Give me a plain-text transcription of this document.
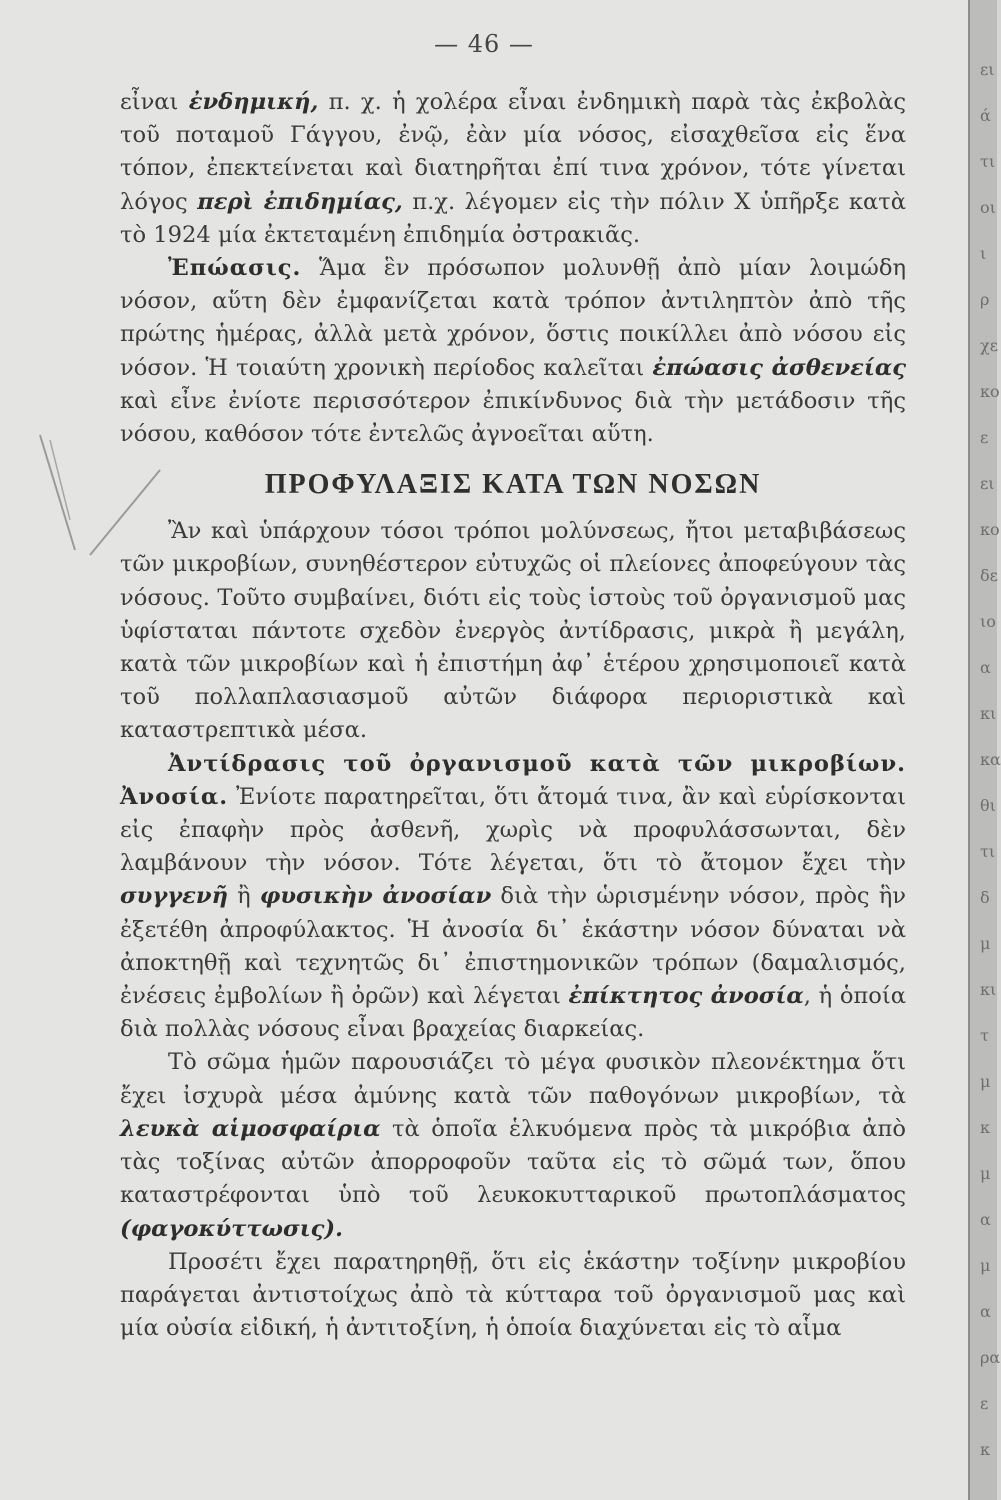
— 46 —

εἶναι ἐνδημική, π. χ. ἡ χολέρα εἶναι ἐνδημικὴ παρὰ τὰς ἐκβολὰς τοῦ ποταμοῦ Γάγγου, ἐνῷ, ἐὰν μία νόσος, εἰσαχθεῖσα εἰς ἕνα τόπον, ἐπεκτείνεται καὶ διατηρῆται ἐπί τινα χρόνον, τότε γίνεται λόγος περὶ ἐπιδημίας, π.χ. λέγομεν εἰς τὴν πόλιν Χ ὑπῆρξε κατὰ τὸ 1924 μία ἐκτεταμένη ἐπιδημία ὀστρακιᾶς.

Ἐπώασις. Ἅμα ἓν πρόσωπον μολυνθῇ ἀπὸ μίαν λοιμώδη νόσον, αὕτη δὲν ἐμφανίζεται κατὰ τρόπον ἀντιληπτὸν ἀπὸ τῆς πρώτης ἡμέρας, ἀλλὰ μετὰ χρόνον, ὅστις ποικίλλει ἀπὸ νόσου εἰς νόσον. Ἡ τοιαύτη χρονικὴ περίοδος καλεῖται ἐπώασις ἀσθενείας καὶ εἶνε ἐνίοτε περισσότερον ἐπικίνδυνος διὰ τὴν μετάδοσιν τῆς νόσου, καθόσον τότε ἐντελῶς ἀγνοεῖται αὕτη.

ΠΡΟΦΥΛΑΞΙΣ ΚΑΤΑ ΤΩΝ ΝΟΣΩΝ

Ἂν καὶ ὑπάρχουν τόσοι τρόποι μολύνσεως, ἤτοι μεταβιβάσεως τῶν μικροβίων, συνηθέστερον εὐτυχῶς οἱ πλείονες ἀποφεύγουν τὰς νόσους. Τοῦτο συμβαίνει, διότι εἰς τοὺς ἱστοὺς τοῦ ὀργανισμοῦ μας ὑφίσταται πάντοτε σχεδὸν ἐνεργὸς ἀντίδρασις, μικρὰ ἢ μεγάλη, κατὰ τῶν μικροβίων καὶ ἡ ἐπιστήμη ἀφ᾽ ἑτέρου χρησιμοποιεῖ κατὰ τοῦ πολλαπλασιασμοῦ αὐτῶν διάφορα περιοριστικὰ καὶ καταστρεπτικὰ μέσα.

Ἀντίδρασις τοῦ ὀργανισμοῦ κατὰ τῶν μικροβίων. Ἀνοσία. Ἐνίοτε παρατηρεῖται, ὅτι ἄτομά τινα, ἂν καὶ εὑρίσκονται εἰς ἐπαφὴν πρὸς ἀσθενῆ, χωρὶς νὰ προφυλάσσωνται, δὲν λαμβάνουν τὴν νόσον. Τότε λέγεται, ὅτι τὸ ἄτομον ἔχει τὴν συγγενῆ ἢ φυσικὴν ἀνοσίαν διὰ τὴν ὡρισμένην νόσον, πρὸς ἣν ἐξετέθη ἀπροφύλακτος. Ἡ ἀνοσία δι᾽ ἑκάστην νόσον δύναται νὰ ἀποκτηθῇ καὶ τεχνητῶς δι᾽ ἐπιστημονικῶν τρόπων (δαμαλισμός, ἐνέσεις ἐμβολίων ἢ ὀρῶν) καὶ λέγεται ἐπίκτητος ἀνοσία, ἡ ὁποία διὰ πολλὰς νόσους εἶναι βραχείας διαρκείας.

Τὸ σῶμα ἡμῶν παρουσιάζει τὸ μέγα φυσικὸν πλεονέκτημα ὅτι ἔχει ἰσχυρὰ μέσα ἀμύνης κατὰ τῶν παθογόνων μικροβίων, τὰ λευκὰ αἱμοσφαίρια τὰ ὁποῖα ἑλκυόμενα πρὸς τὰ μικρόβια ἀπὸ τὰς τοξίνας αὐτῶν ἀπορροφοῦν ταῦτα εἰς τὸ σῶμά των, ὅπου καταστρέφονται ὑπὸ τοῦ λευκοκυτταρικοῦ πρωτοπλάσματος (φαγοκύττωσις).

Προσέτι ἔχει παρατηρηθῇ, ὅτι εἰς ἑκάστην τοξίνην μικροβίου παράγεται ἀντιστοίχως ἀπὸ τὰ κύτταρα τοῦ ὀργανισμοῦ μας καὶ μία οὐσία εἰδική, ἡ ἀντιτοξίνη, ἡ ὁποία διαχύνεται εἰς τὸ αἷμα

ει
ά
τι
οι
ι
ρ
χε
κο
ε
ει
κο
δε
ιο
α
κι
κα
θι
τι
δ
μ
κι
τ
μ
κ
μ
α
μ
α
ρα
ε
κ
